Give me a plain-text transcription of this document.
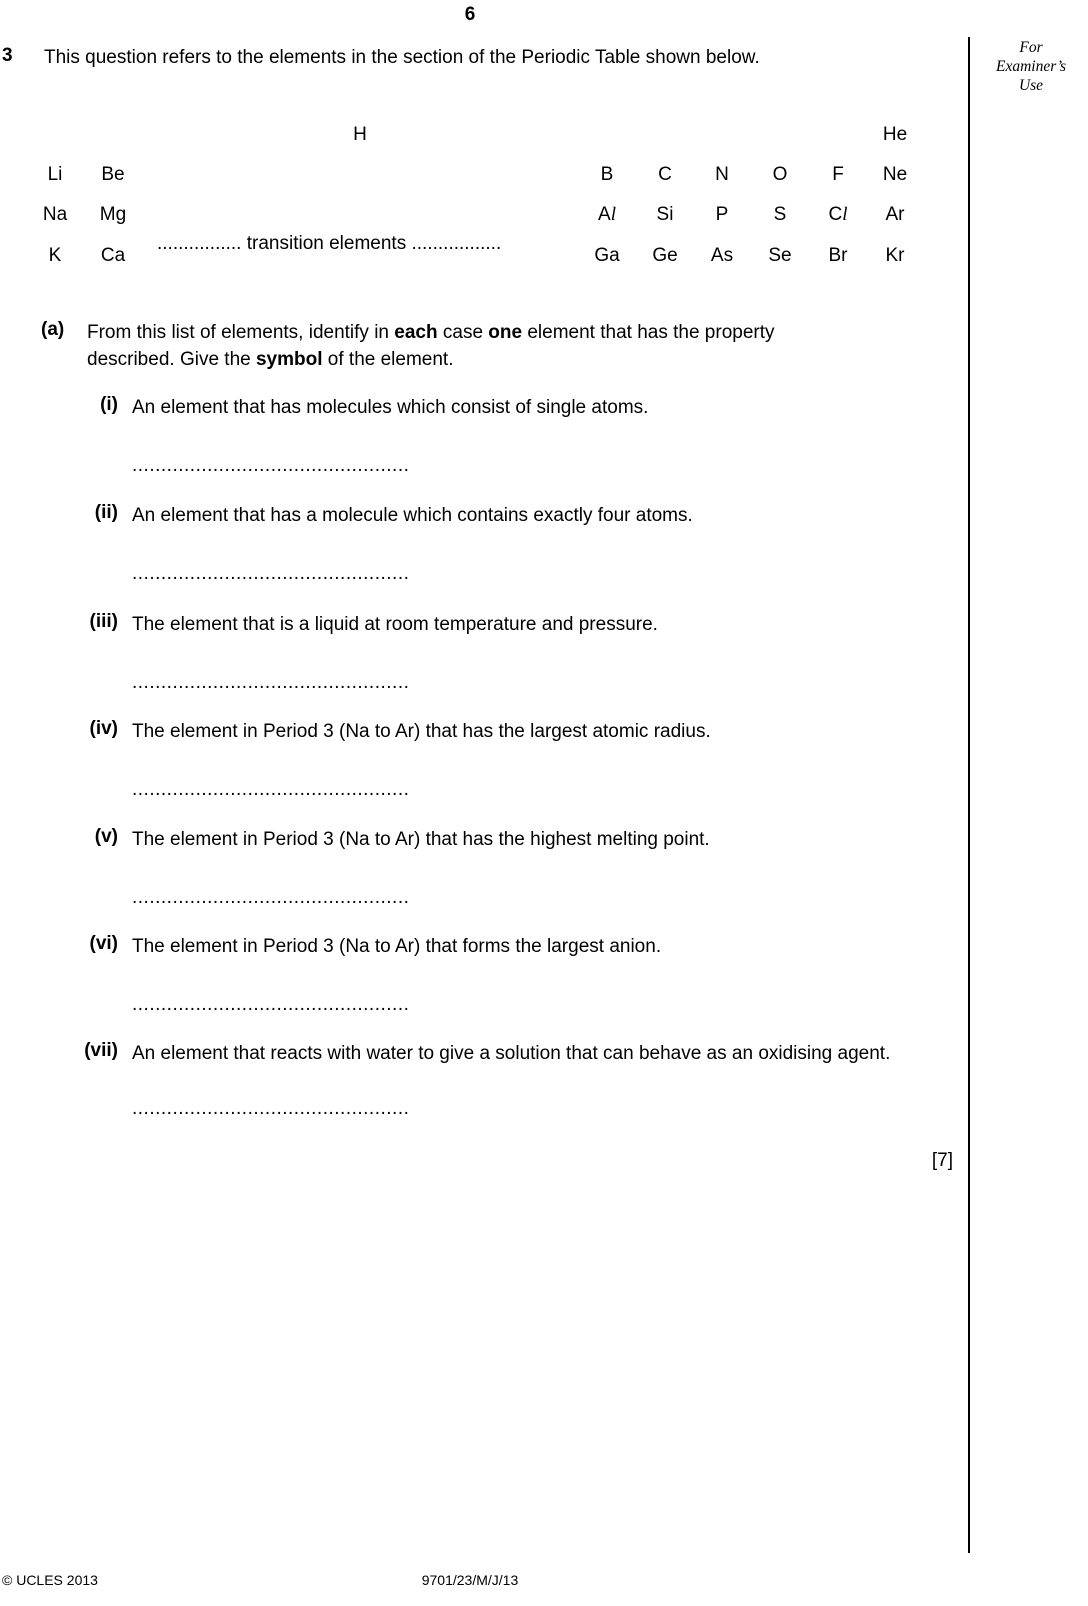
6
For
Examiner’s
Use
3 This question refers to the elements in the section of the Periodic Table shown below.
H	He
Li Be	B C N O F Ne
Na Mg	Al Si P S Cl Ar
K Ca	Ga Ge As Se Br Kr
................ transition elements .................
(a) From this list of elements, identify in each case one element that has the property
described. Give the symbol of the element.
(i) An element that has molecules which consist of single atoms.
................................................
(ii) An element that has a molecule which contains exactly four atoms.
................................................
(iii) The element that is a liquid at room temperature and pressure.
................................................
(iv) The element in Period 3 (Na to Ar) that has the largest atomic radius.
................................................
(v) The element in Period 3 (Na to Ar) that has the highest melting point.
................................................
(vi) The element in Period 3 (Na to Ar) that forms the largest anion.
................................................
(vii) An element that reacts with water to give a solution that can behave as an oxidising agent.
................................................
[7]
© UCLES 2013	9701/23/M/J/13
